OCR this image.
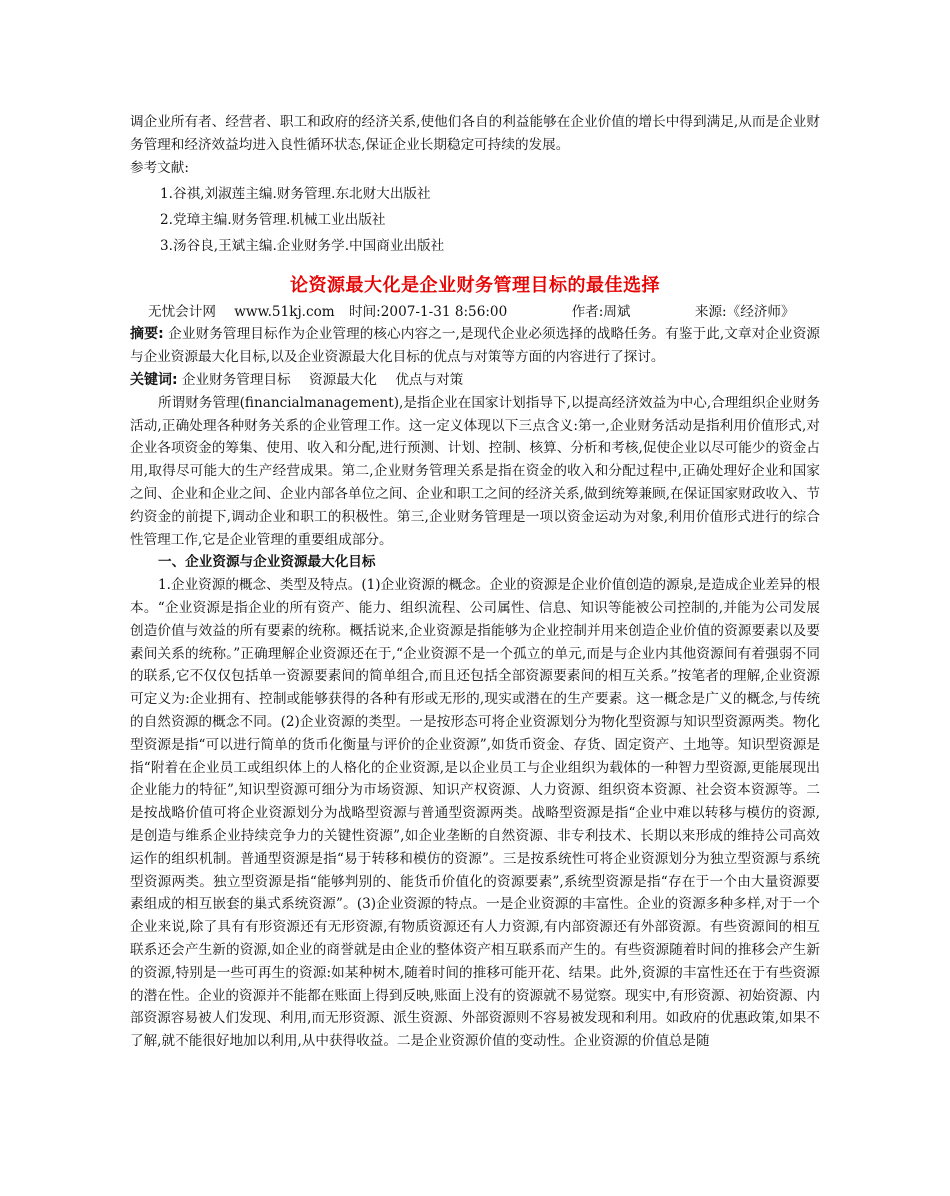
调企业所有者、经营者、职工和政府的经济关系,使他们各自的利益能够在企业价值的增长中得到满足,从而是企业财务管理和经济效益均进入良性循环状态,保证企业长期稳定可持续的发展。

参考文献:

1.谷祺,刘淑莲主编.财务管理.东北财大出版社
2.党璋主编.财务管理.机械工业出版社
3.汤谷良,王斌主编.企业财务学.中国商业出版社
论资源最大化是企业财务管理目标的最佳选择
无忧会计网 www.51kj.com 时间:2007-1-31 8:56:00	作者:周斌	来源:《经济师》

摘要: 企业财务管理目标作为企业管理的核心内容之一,是现代企业必须选择的战略任务。有鉴于此,文章对企业资源与企业资源最大化目标,以及企业资源最大化目标的优点与对策等方面的内容进行了探讨。

关键词: 企业财务管理目标 资源最大化 优点与对策

所谓财务管理(financialmanagement),是指企业在国家计划指导下,以提高经济效益为中心,合理组织企业财务活动,正确处理各种财务关系的企业管理工作。这一定义体现以下三点含义:第一,企业财务活动是指利用价值形式,对企业各项资金的筹集、使用、收入和分配,进行预测、计划、控制、核算、分析和考核,促使企业以尽可能少的资金占用,取得尽可能大的生产经营成果。第二,企业财务管理关系是指在资金的收入和分配过程中,正确处理好企业和国家之间、企业和企业之间、企业内部各单位之间、企业和职工之间的经济关系,做到统筹兼顾,在保证国家财政收入、节约资金的前提下,调动企业和职工的积极性。第三,企业财务管理是一项以资金运动为对象,利用价值形式进行的综合性管理工作,它是企业管理的重要组成部分。

一、企业资源与企业资源最大化目标

1.企业资源的概念、类型及特点。(1)企业资源的概念。企业的资源是企业价值创造的源泉,是造成企业差异的根本。“企业资源是指企业的所有资产、能力、组织流程、公司属性、信息、知识等能被公司控制的,并能为公司发展创造价值与效益的所有要素的统称。概括说来,企业资源是指能够为企业控制并用来创造企业价值的资源要素以及要素间关系的统称。”正确理解企业资源还在于,“企业资源不是一个孤立的单元,而是与企业内其他资源间有着强弱不同的联系,它不仅仅包括单一资源要素间的简单组合,而且还包括全部资源要素间的相互关系。”按笔者的理解,企业资源可定义为:企业拥有、控制或能够获得的各种有形或无形的,现实或潜在的生产要素。这一概念是广义的概念,与传统的自然资源的概念不同。(2)企业资源的类型。一是按形态可将企业资源划分为物化型资源与知识型资源两类。物化型资源是指“可以进行简单的货币化衡量与评价的企业资源”,如货币资金、存货、固定资产、土地等。知识型资源是指“附着在企业员工或组织体上的人格化的企业资源,是以企业员工与企业组织为载体的一种智力型资源,更能展现出企业能力的特征”,知识型资源可细分为市场资源、知识产权资源、人力资源、组织资本资源、社会资本资源等。二是按战略价值可将企业资源划分为战略型资源与普通型资源两类。战略型资源是指“企业中难以转移与模仿的资源,是创造与维系企业持续竞争力的关键性资源”,如企业垄断的自然资源、非专利技术、长期以来形成的维持公司高效运作的组织机制。普通型资源是指“易于转移和模仿的资源”。三是按系统性可将企业资源划分为独立型资源与系统型资源两类。独立型资源是指“能够判别的、能货币价值化的资源要素”,系统型资源是指“存在于一个由大量资源要素组成的相互嵌套的巢式系统资源”。(3)企业资源的特点。一是企业资源的丰富性。企业的资源多种多样,对于一个企业来说,除了具有有形资源还有无形资源,有物质资源还有人力资源,有内部资源还有外部资源。有些资源间的相互联系还会产生新的资源,如企业的商誉就是由企业的整体资产相互联系而产生的。有些资源随着时间的推移会产生新的资源,特别是一些可再生的资源:如某种树木,随着时间的推移可能开花、结果。此外,资源的丰富性还在于有些资源的潜在性。企业的资源并不能都在账面上得到反映,账面上没有的资源就不易觉察。现实中,有形资源、初始资源、内部资源容易被人们发现、利用,而无形资源、派生资源、外部资源则不容易被发现和利用。如政府的优惠政策,如果不了解,就不能很好地加以利用,从中获得收益。二是企业资源价值的变动性。企业资源的价值总是随
